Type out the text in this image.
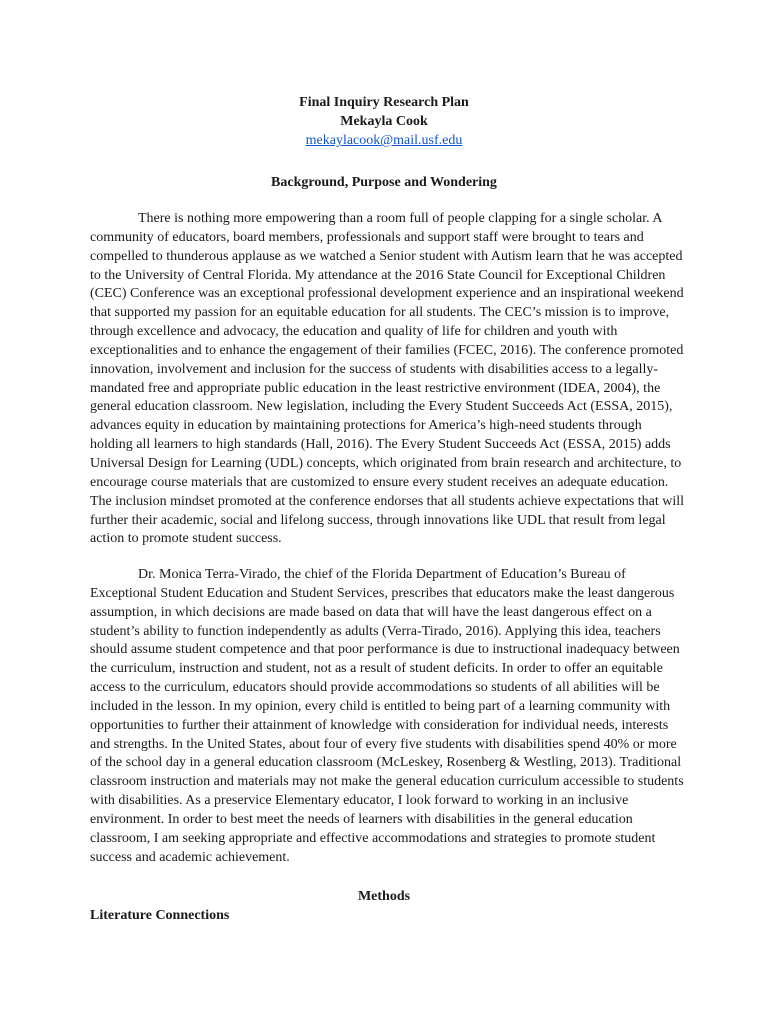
Final Inquiry Research Plan
Mekayla Cook
mekaylacook@mail.usf.edu
Background, Purpose and Wondering
There is nothing more empowering than a room full of people clapping for a single scholar. A
community of educators, board members, professionals and support staff were brought to tears and
compelled to thunderous applause as we watched a Senior student with Autism learn that he was accepted
to the University of Central Florida. My attendance at the 2016 State Council for Exceptional Children
(CEC) Conference was an exceptional professional development experience and an inspirational weekend
that supported my passion for an equitable education for all students. The CEC’s mission is to improve,
through excellence and advocacy, the education and quality of life for children and youth with
exceptionalities and to enhance the engagement of their families (FCEC, 2016). The conference promoted
innovation, involvement and inclusion for the success of students with disabilities access to a legally-
mandated free and appropriate public education in the least restrictive environment (IDEA, 2004), the
general education classroom. New legislation, including the Every Student Succeeds Act (ESSA, 2015),
advances equity in education by maintaining protections for America’s high-need students through
holding all learners to high standards (Hall, 2016). The Every Student Succeeds Act (ESSA, 2015) adds
Universal Design for Learning (UDL) concepts, which originated from brain research and architecture, to
encourage course materials that are customized to ensure every student receives an adequate education.
The inclusion mindset promoted at the conference endorses that all students achieve expectations that will
further their academic, social and lifelong success, through innovations like UDL that result from legal
action to promote student success.
Dr. Monica Terra-Virado, the chief of the Florida Department of Education’s Bureau of
Exceptional Student Education and Student Services, prescribes that educators make the least dangerous
assumption, in which decisions are made based on data that will have the least dangerous effect on a
student’s ability to function independently as adults (Verra-Tirado, 2016). Applying this idea, teachers
should assume student competence and that poor performance is due to instructional inadequacy between
the curriculum, instruction and student, not as a result of student deficits. In order to offer an equitable
access to the curriculum, educators should provide accommodations so students of all abilities will be
included in the lesson. In my opinion, every child is entitled to being part of a learning community with
opportunities to further their attainment of knowledge with consideration for individual needs, interests
and strengths. In the United States, about four of every five students with disabilities spend 40% or more
of the school day in a general education classroom (McLeskey, Rosenberg & Westling, 2013). Traditional
classroom instruction and materials may not make the general education curriculum accessible to students
with disabilities. As a preservice Elementary educator, I look forward to working in an inclusive
environment. In order to best meet the needs of learners with disabilities in the general education
classroom, I am seeking appropriate and effective accommodations and strategies to promote student
success and academic achievement.
Methods
Literature Connections
